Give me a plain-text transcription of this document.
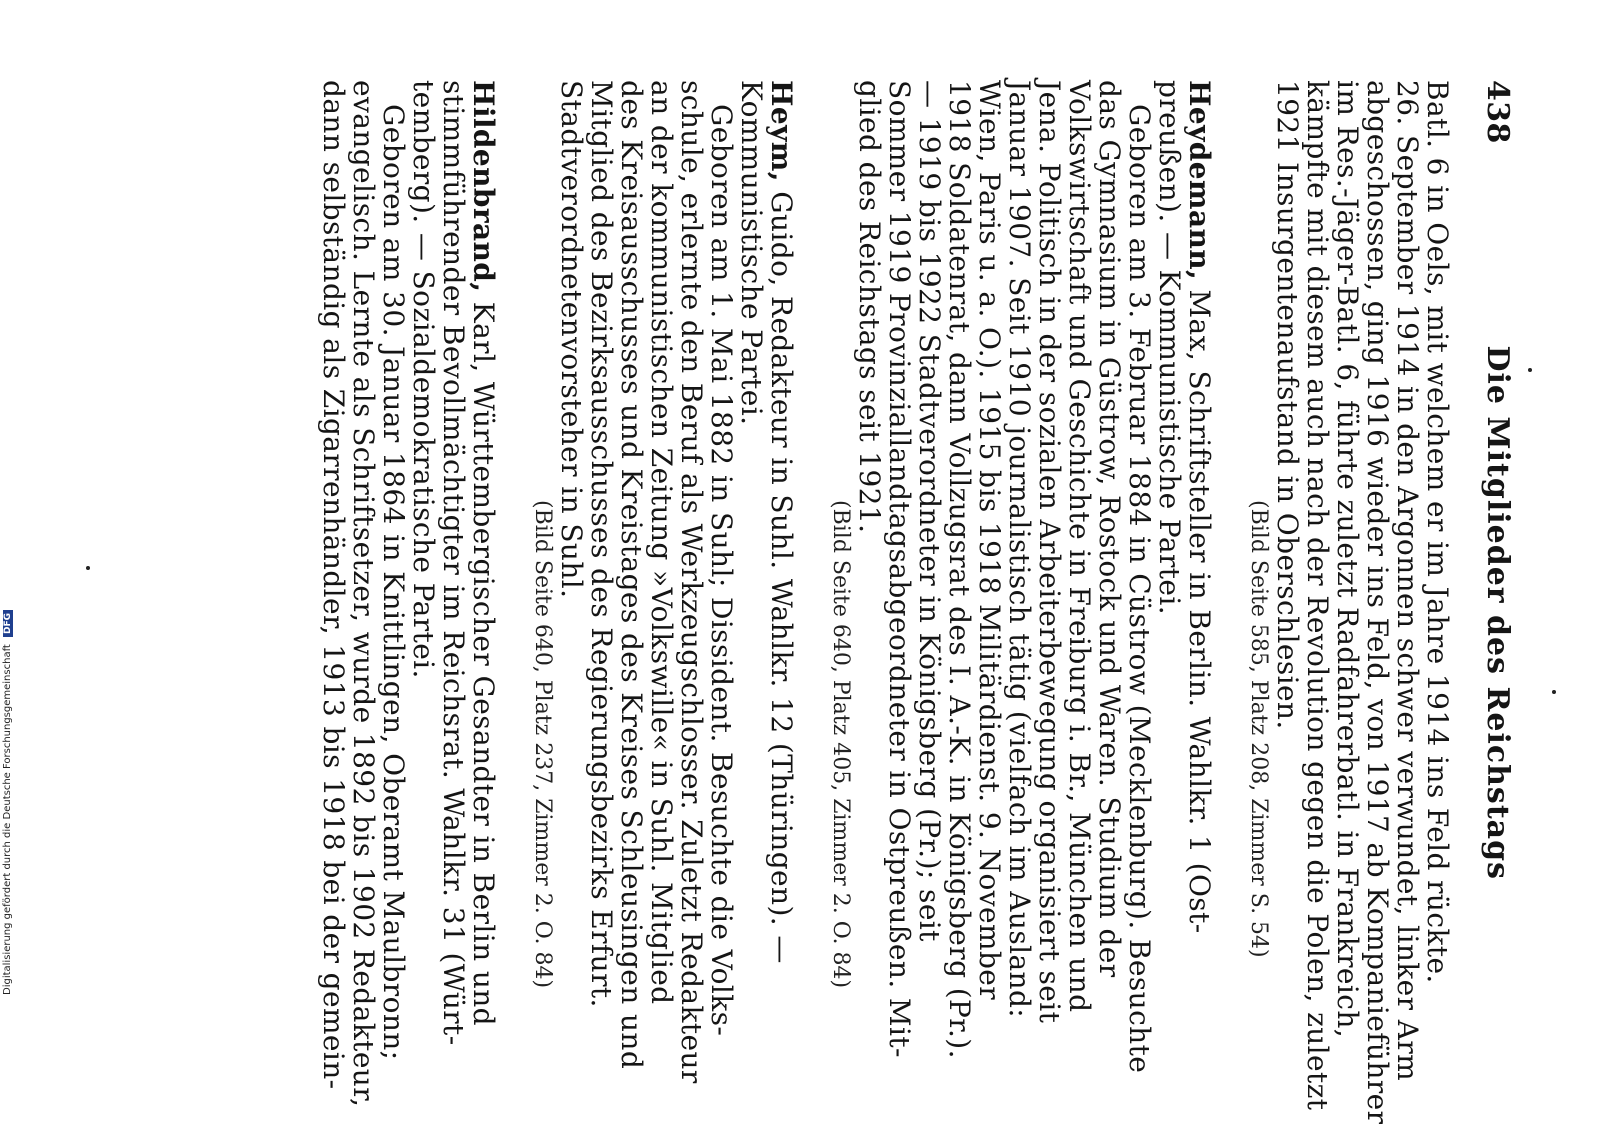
438
Die Mitglieder des Reichstags
Batl. 6 in Oels, mit welchem er im Jahre 1914 ins Feld rückte.
26. September 1914 in den Argonnen schwer verwundet, linker Arm
abgeschossen, ging 1916 wieder ins Feld, von 1917 ab Kompanieführer
im Res.-Jäger-Batl. 6, führte zuletzt Radfahrerbatl. in Frankreich,
kämpfte mit diesem auch nach der Revolution gegen die Polen, zuletzt
1921 Insurgentenaufstand in Oberschlesien.
(Bild Seite 585, Platz 208, Zimmer S. 54)
Heydemann, Max, Schriftsteller in Berlin. Wahlkr. 1 (Ost-
preußen). — Kommunistische Partei.
Geboren am 3. Februar 1884 in Cüstrow (Mecklenburg). Besuchte
das Gymnasium in Güstrow, Rostock und Waren. Studium der
Volkswirtschaft und Geschichte in Freiburg i. Br., München und
Jena. Politisch in der sozialen Arbeiterbewegung organisiert seit
Januar 1907. Seit 1910 journalistisch tätig (vielfach im Ausland:
Wien, Paris u. a. O.). 1915 bis 1918 Militärdienst. 9. November
1918 Soldatenrat, dann Vollzugsrat des I. A.-K. in Königsberg (Pr.).
— 1919 bis 1922 Stadtverordneter in Königsberg (Pr.); seit
Sommer 1919 Provinziallandtagsabgeordneter in Ostpreußen. Mit-
glied des Reichstags seit 1921.
(Bild Seite 640, Platz 405, Zimmer 2. O. 84)
Heym, Guido, Redakteur in Suhl. Wahlkr. 12 (Thüringen). —
Kommunistische Partei.
Geboren am 1. Mai 1882 in Suhl; Dissident. Besuchte die Volks-
schule, erlernte den Beruf als Werkzeugschlosser. Zuletzt Redakteur
an der kommunistischen Zeitung »Volkswille« in Suhl. Mitglied
des Kreisausschusses und Kreistages des Kreises Schleusingen und
Mitglied des Bezirksausschusses des Regierungsbezirks Erfurt.
Stadtverordnetenvorsteher in Suhl.
(Bild Seite 640, Platz 237, Zimmer 2. O. 84)
Hildenbrand, Karl, Württembergischer Gesandter in Berlin und
stimmführender Bevollmächtigter im Reichsrat. Wahlkr. 31 (Würt-
temberg). — Sozialdemokratische Partei.
Geboren am 30. Januar 1864 in Knittlingen, Oberamt Maulbronn;
evangelisch. Lernte als Schriftsetzer, wurde 1892 bis 1902 Redakteur,
dann selbständig als Zigarrenhändler, 1913 bis 1918 bei der gemein-
Digitalisierung gefördert durch die Deutsche Forschungsgemeinschaft DFG
